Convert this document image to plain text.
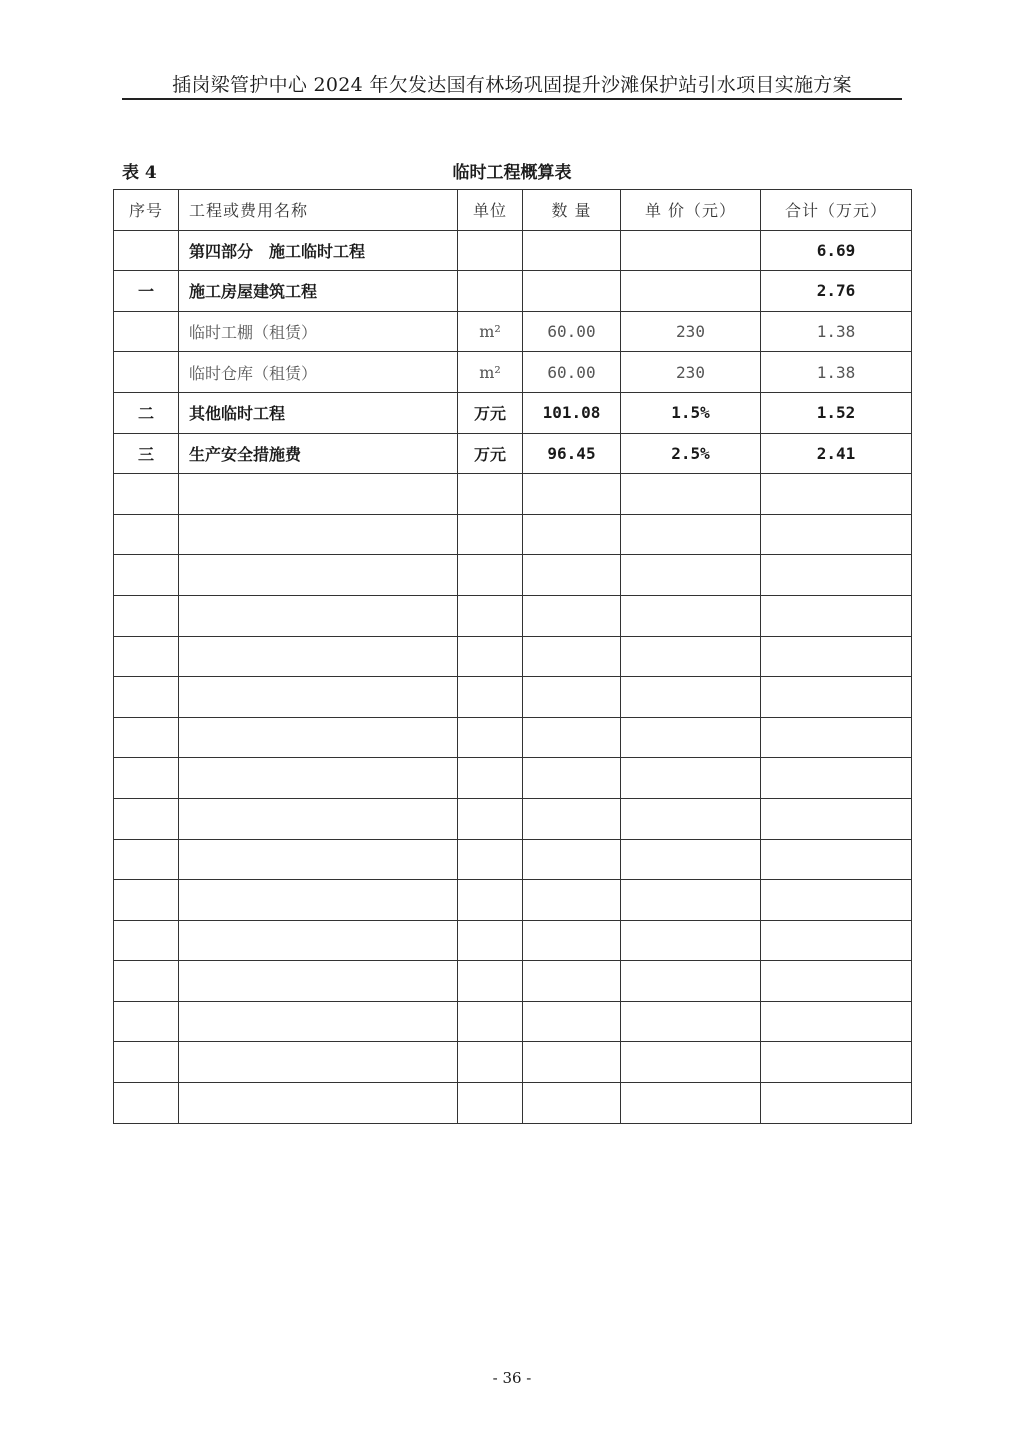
插岗梁管护中心 2024 年欠发达国有林场巩固提升沙滩保护站引水项目实施方案
表 4	临时工程概算表
序号	工程或费用名称	单位	数 量	单 价（元）	合计（万元）
	第四部分　施工临时工程				6.69
一	施工房屋建筑工程				2.76
	临时工棚（租赁）	m²	60.00	230	1.38
	临时仓库（租赁）	m²	60.00	230	1.38
二	其他临时工程	万元	101.08	1.5%	1.52
三	生产安全措施费	万元	96.45	2.5%	2.41

- 36 -
